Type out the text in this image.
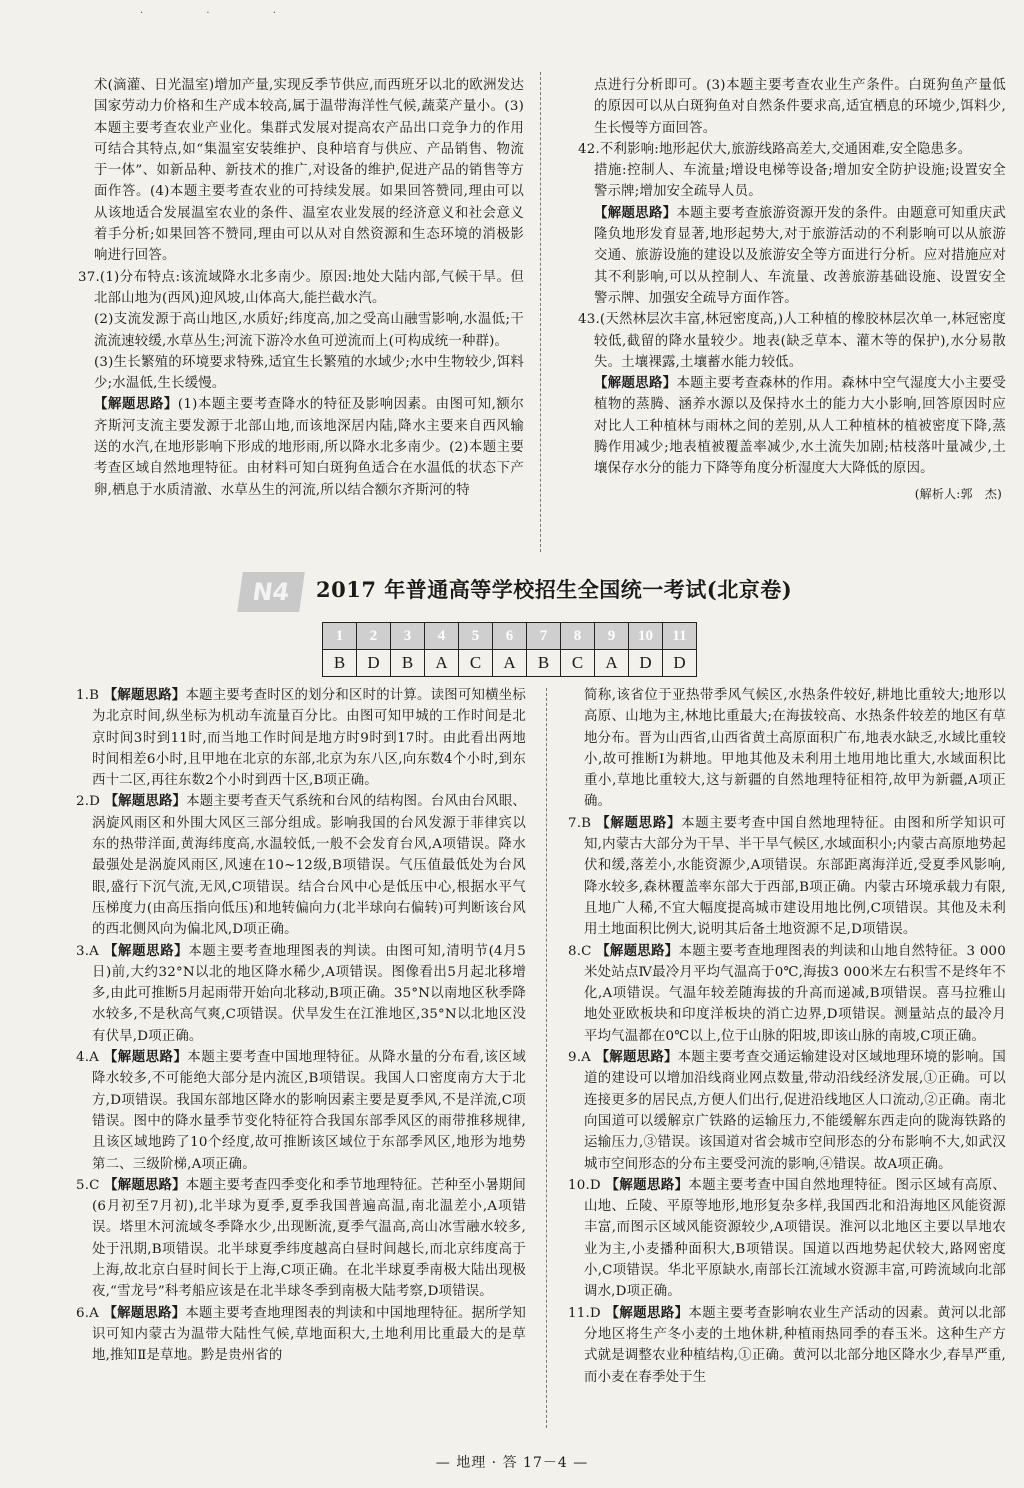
· · ·

术(滴灌、日光温室)增加产量,实现反季节供应,而西班牙以北的欧洲发达国家劳动力价格和生产成本较高,属于温带海洋性气候,蔬菜产量小。(3)本题主要考查农业产业化。集群式发展对提高农产品出口竞争力的作用可结合其特点,如“集温室安装维护、良种培育与供应、产品销售、物流于一体”、如新品种、新技术的推广,对设备的维护,促进产品的销售等方面作答。(4)本题主要考查农业的可持续发展。如果回答赞同,理由可以从该地适合发展温室农业的条件、温室农业发展的经济意义和社会意义着手分析;如果回答不赞同,理由可以从对自然资源和生态环境的消极影响进行回答。

37.(1)分布特点:该流域降水北多南少。原因:地处大陆内部,气候干旱。但北部山地为(西风)迎风坡,山体高大,能拦截水汽。

(2)支流发源于高山地区,水质好;纬度高,加之受高山融雪影响,水温低;干流流速较缓,水草丛生;河流下游冷水鱼可逆流而上(可构成统一种群)。

(3)生长繁殖的环境要求特殊,适宜生长繁殖的水域少;水中生物较少,饵料少;水温低,生长缓慢。

【解题思路】(1)本题主要考查降水的特征及影响因素。由图可知,额尔齐斯河支流主要发源于北部山地,而该地深居内陆,降水主要来自西风输送的水汽,在地形影响下形成的地形雨,所以降水北多南少。(2)本题主要考查区域自然地理特征。由材料可知白斑狗鱼适合在水温低的状态下产卵,栖息于水质清澈、水草丛生的河流,所以结合额尔齐斯河的特

点进行分析即可。(3)本题主要考查农业生产条件。白斑狗鱼产量低的原因可以从白斑狗鱼对自然条件要求高,适宜栖息的环境少,饵料少,生长慢等方面回答。

42.不利影响:地形起伏大,旅游线路高差大,交通困难,安全隐患多。

措施:控制人、车流量;增设电梯等设备;增加安全防护设施;设置安全警示牌;增加安全疏导人员。

【解题思路】本题主要考查旅游资源开发的条件。由题意可知重庆武隆负地形发育显著,地形起势大,对于旅游活动的不利影响可以从旅游交通、旅游设施的建设以及旅游安全等方面进行分析。应对措施应对其不利影响,可以从控制人、车流量、改善旅游基础设施、设置安全警示牌、加强安全疏导方面作答。

43.(天然林层次丰富,林冠密度高,)人工种植的橡胶林层次单一,林冠密度较低,截留的降水量较少。地表(缺乏草本、灌木等的保护),水分易散失。土壤裸露,土壤蓄水能力较低。

【解题思路】本题主要考查森林的作用。森林中空气湿度大小主要受植物的蒸腾、涵养水源以及保持水土的能力大小影响,回答原因时应对比人工种植林与雨林之间的差别,从人工种植林的植被密度下降,蒸腾作用减少;地表植被覆盖率减少,水土流失加剧;枯枝落叶量减少,土壤保存水分的能力下降等角度分析湿度大大降低的原因。

(解析人:郭　杰)
N4	2017 年普通高等学校招生全国统一考试(北京卷)
1	2	3	4	5	6	7	8	9	10	11
B	D	B	A	C	A	B	C	A	D	D

1.B 【解题思路】本题主要考查时区的划分和区时的计算。读图可知横坐标为北京时间,纵坐标为机动车流量百分比。由图可知甲城的工作时间是北京时间3时到11时,而当地工作时间是地方时9时到17时。由此看出两地时间相差6小时,且甲地在北京的东部,北京为东八区,向东数4个小时,到东西十二区,再往东数2个小时到西十区,B项正确。

2.D 【解题思路】本题主要考查天气系统和台风的结构图。台风由台风眼、涡旋风雨区和外围大风区三部分组成。影响我国的台风发源于菲律宾以东的热带洋面,黄海纬度高,水温较低,一般不会发育台风,A项错误。降水最强处是涡旋风雨区,风速在10~12级,B项错误。气压值最低处为台风眼,盛行下沉气流,无风,C项错误。结合台风中心是低压中心,根据水平气压梯度力(由高压指向低压)和地转偏向力(北半球向右偏转)可判断该台风的西北侧风向为偏北风,D项正确。

3.A 【解题思路】本题主要考查地理图表的判读。由图可知,清明节(4月5日)前,大约32°N以北的地区降水稀少,A项错误。图像看出5月起北移增多,由此可推断5月起雨带开始向北移动,B项正确。35°N以南地区秋季降水较多,不是秋高气爽,C项错误。伏旱发生在江淮地区,35°N以北地区没有伏旱,D项正确。

4.A 【解题思路】本题主要考查中国地理特征。从降水量的分布看,该区域降水较多,不可能绝大部分是内流区,B项错误。我国人口密度南方大于北方,D项错误。我国东部地区降水的影响因素主要是夏季风,不是洋流,C项错误。图中的降水量季节变化特征符合我国东部季风区的雨带推移规律,且该区域地跨了10个经度,故可推断该区域位于东部季风区,地形为地势第二、三级阶梯,A项正确。

5.C 【解题思路】本题主要考查四季变化和季节地理特征。芒种至小暑期间(6月初至7月初),北半球为夏季,夏季我国普遍高温,南北温差小,A项错误。塔里木河流域冬季降水少,出现断流,夏季气温高,高山冰雪融水较多,处于汛期,B项错误。北半球夏季纬度越高白昼时间越长,而北京纬度高于上海,故北京白昼时间长于上海,C项正确。在北半球夏季南极大陆出现极夜,“雪龙号”科考船应该是在北半球冬季到南极大陆考察,D项错误。

6.A 【解题思路】本题主要考查地理图表的判读和中国地理特征。据所学知识可知内蒙古为温带大陆性气候,草地面积大,土地利用比重最大的是草地,推知Ⅱ是草地。黔是贵州省的

简称,该省位于亚热带季风气候区,水热条件较好,耕地比重较大;地形以高原、山地为主,林地比重最大;在海拔较高、水热条件较差的地区有草地分布。晋为山西省,山西省黄土高原面积广布,地表水缺乏,水域比重较小,故可推断Ⅰ为耕地。甲地其他及未利用土地用地比重大,水域面积比重小,草地比重较大,这与新疆的自然地理特征相符,故甲为新疆,A项正确。

7.B 【解题思路】本题主要考查中国自然地理特征。由图和所学知识可知,内蒙古大部分为干旱、半干旱气候区,水域面积小;内蒙古高原地势起伏和缓,落差小,水能资源少,A项错误。东部距离海洋近,受夏季风影响,降水较多,森林覆盖率东部大于西部,B项正确。内蒙古环境承载力有限,且地广人稀,不宜大幅度提高城市建设用地比例,C项错误。其他及未利用土地面积比例大,说明其后备土地资源不足,D项错误。

8.C 【解题思路】本题主要考查地理图表的判读和山地自然特征。3 000米处站点Ⅳ最冷月平均气温高于0℃,海拔3 000米左右积雪不是终年不化,A项错误。气温年较差随海拔的升高而递减,B项错误。喜马拉雅山地处亚欧板块和印度洋板块的消亡边界,D项错误。测量站点的最冷月平均气温都在0℃以上,位于山脉的阳坡,即该山脉的南坡,C项正确。

9.A 【解题思路】本题主要考查交通运输建设对区域地理环境的影响。国道的建设可以增加沿线商业网点数量,带动沿线经济发展,①正确。可以连接更多的居民点,方便人们出行,促进沿线地区人口流动,②正确。南北向国道可以缓解京广铁路的运输压力,不能缓解东西走向的陇海铁路的运输压力,③错误。该国道对省会城市空间形态的分布影响不大,如武汉城市空间形态的分布主要受河流的影响,④错误。故A项正确。

10.D 【解题思路】本题主要考查中国自然地理特征。图示区域有高原、山地、丘陵、平原等地形,地形复杂多样,我国西北和沿海地区风能资源丰富,而图示区域风能资源较少,A项错误。淮河以北地区主要以旱地农业为主,小麦播种面积大,B项错误。国道以西地势起伏较大,路网密度小,C项错误。华北平原缺水,南部长江流域水资源丰富,可跨流域向北部调水,D项正确。

11.D 【解题思路】本题主要考查影响农业生产活动的因素。黄河以北部分地区将生产冬小麦的土地休耕,种植雨热同季的春玉米。这种生产方式就是调整农业种植结构,①正确。黄河以北部分地区降水少,春旱严重,而小麦在春季处于生

— 地理 · 答 17－4 —
